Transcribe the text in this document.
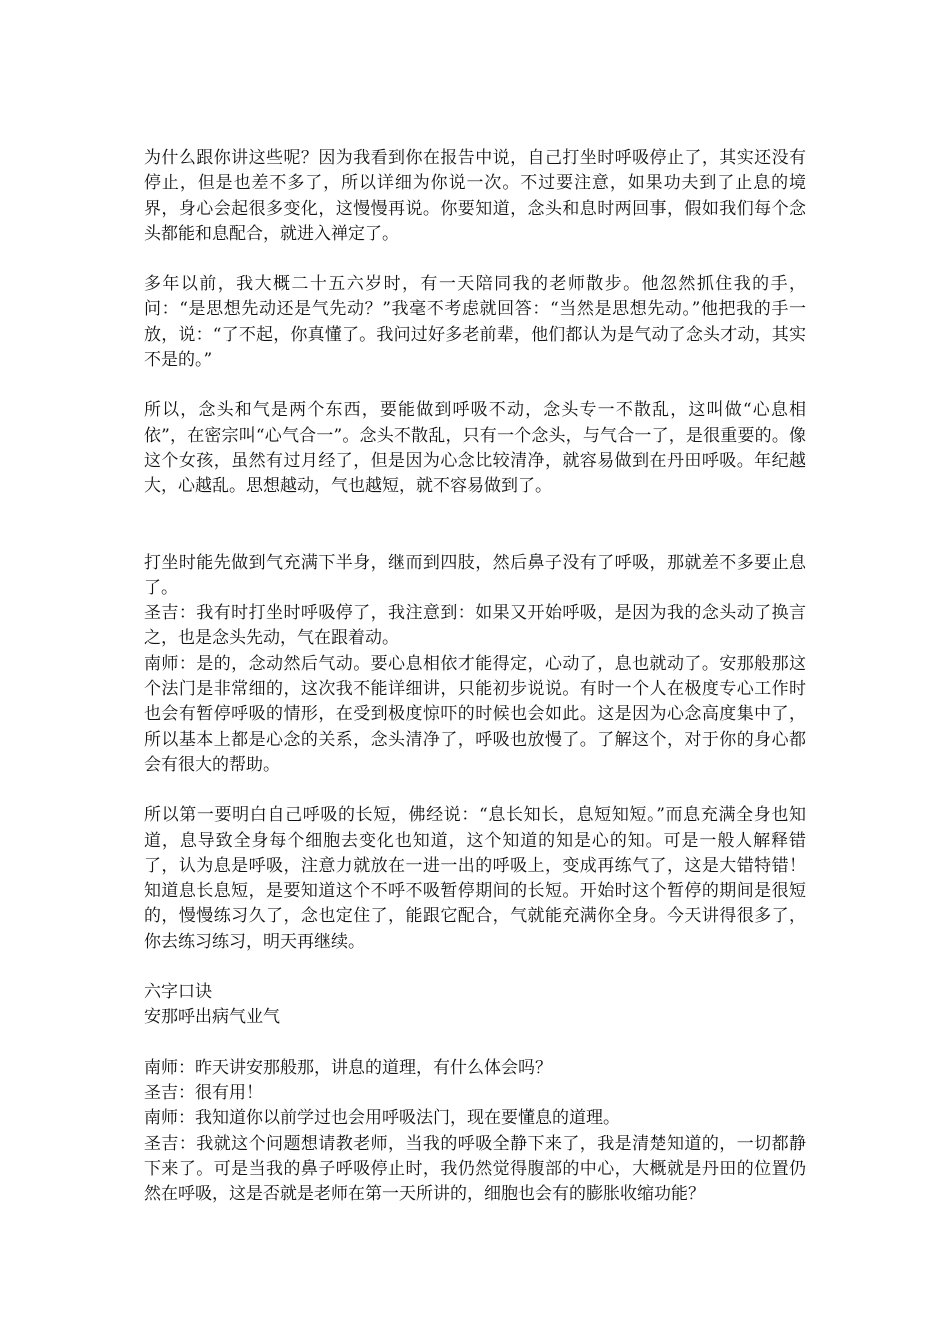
为什么跟你讲这些呢？因为我看到你在报告中说，自己打坐时呼吸停止了，其实还没有停止，但是也差不多了，所以详细为你说一次。不过要注意，如果功夫到了止息的境界，身心会起很多变化，这慢慢再说。你要知道，念头和息时两回事，假如我们每个念头都能和息配合，就进入禅定了。

多年以前，我大概二十五六岁时，有一天陪同我的老师散步。他忽然抓住我的手，问：“是思想先动还是气先动？”我毫不考虑就回答：“当然是思想先动。”他把我的手一放，说：“了不起，你真懂了。我问过好多老前辈，他们都认为是气动了念头才动，其实不是的。”

所以，念头和气是两个东西，要能做到呼吸不动，念头专一不散乱，这叫做“心息相依”，在密宗叫“心气合一”。念头不散乱，只有一个念头，与气合一了，是很重要的。像这个女孩，虽然有过月经了，但是因为心念比较清净，就容易做到在丹田呼吸。年纪越大，心越乱。思想越动，气也越短，就不容易做到了。

打坐时能先做到气充满下半身，继而到四肢，然后鼻子没有了呼吸，那就差不多要止息了。

圣吉：我有时打坐时呼吸停了，我注意到：如果又开始呼吸，是因为我的念头动了换言之，也是念头先动，气在跟着动。

南师：是的，念动然后气动。要心息相依才能得定，心动了，息也就动了。安那般那这个法门是非常细的，这次我不能详细讲，只能初步说说。有时一个人在极度专心工作时也会有暂停呼吸的情形，在受到极度惊吓的时候也会如此。这是因为心念高度集中了，所以基本上都是心念的关系，念头清净了，呼吸也放慢了。了解这个，对于你的身心都会有很大的帮助。

所以第一要明白自己呼吸的长短，佛经说：“息长知长，息短知短。”而息充满全身也知道，息导致全身每个细胞去变化也知道，这个知道的知是心的知。可是一般人解释错了，认为息是呼吸，注意力就放在一进一出的呼吸上，变成再练气了，这是大错特错！知道息长息短，是要知道这个不呼不吸暂停期间的长短。开始时这个暂停的期间是很短的，慢慢练习久了，念也定住了，能跟它配合，气就能充满你全身。今天讲得很多了，你去练习练习，明天再继续。

六字口诀

安那呼出病气业气

南师：昨天讲安那般那，讲息的道理，有什么体会吗？

圣吉：很有用！

南师：我知道你以前学过也会用呼吸法门，现在要懂息的道理。

圣吉：我就这个问题想请教老师，当我的呼吸全静下来了，我是清楚知道的，一切都静下来了。可是当我的鼻子呼吸停止时，我仍然觉得腹部的中心，大概就是丹田的位置仍然在呼吸，这是否就是老师在第一天所讲的，细胞也会有的膨胀收缩功能？
